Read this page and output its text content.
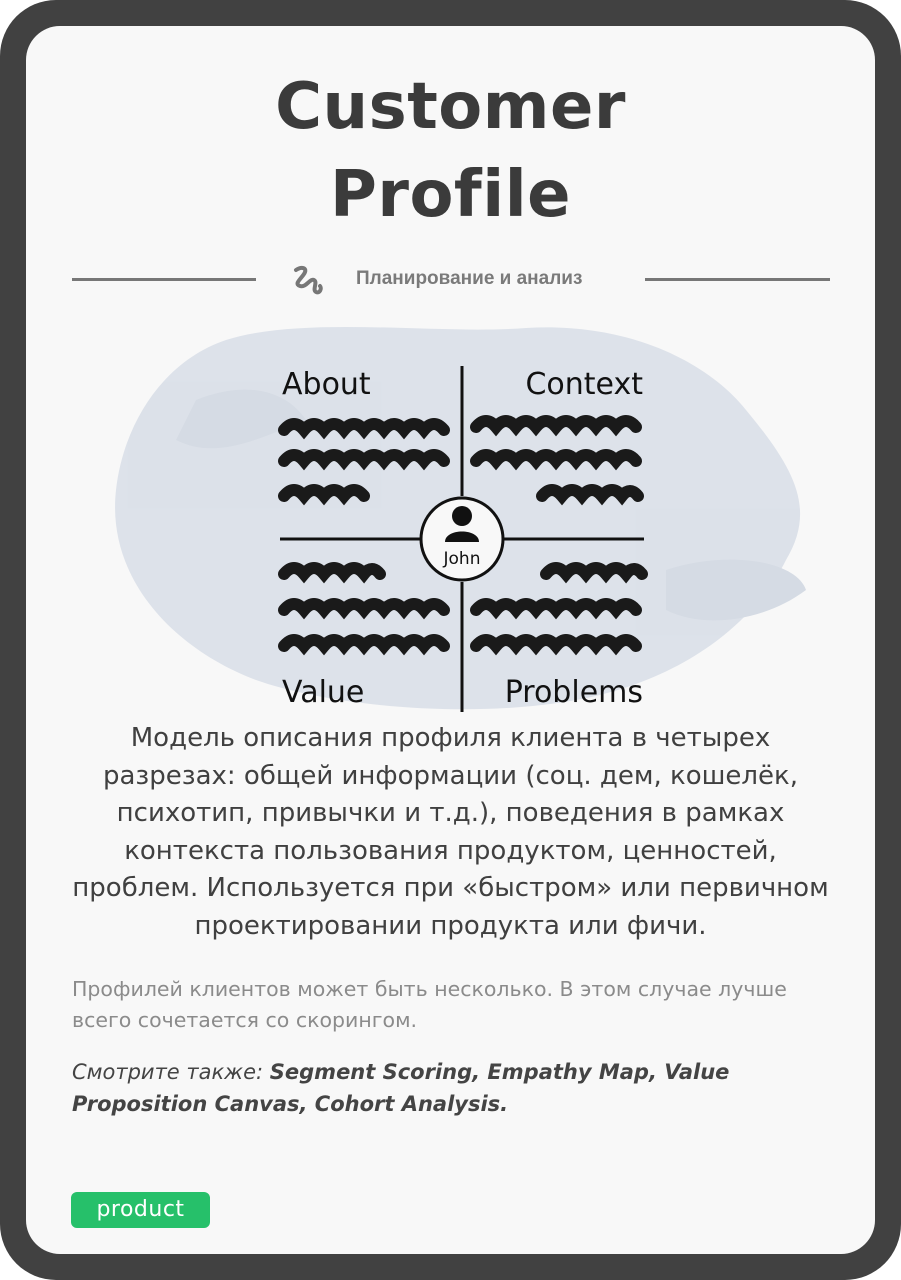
Customer
Profile
Планирование и анализ
About	Context
Value	Problems
John
Модель описания профиля клиента в четырех разрезах: общей информации (соц. дем, кошелёк, психотип, привычки и т.д.), поведения в рамках контекста пользования продуктом, ценностей, проблем. Используется при «быстром» или первичном проектировании продукта или фичи.
Профилей клиентов может быть несколько. В этом случае лучше всего сочетается со скорингом.
Смотрите также: Segment Scoring, Empathy Map, Value Proposition Canvas, Cohort Analysis.
product
